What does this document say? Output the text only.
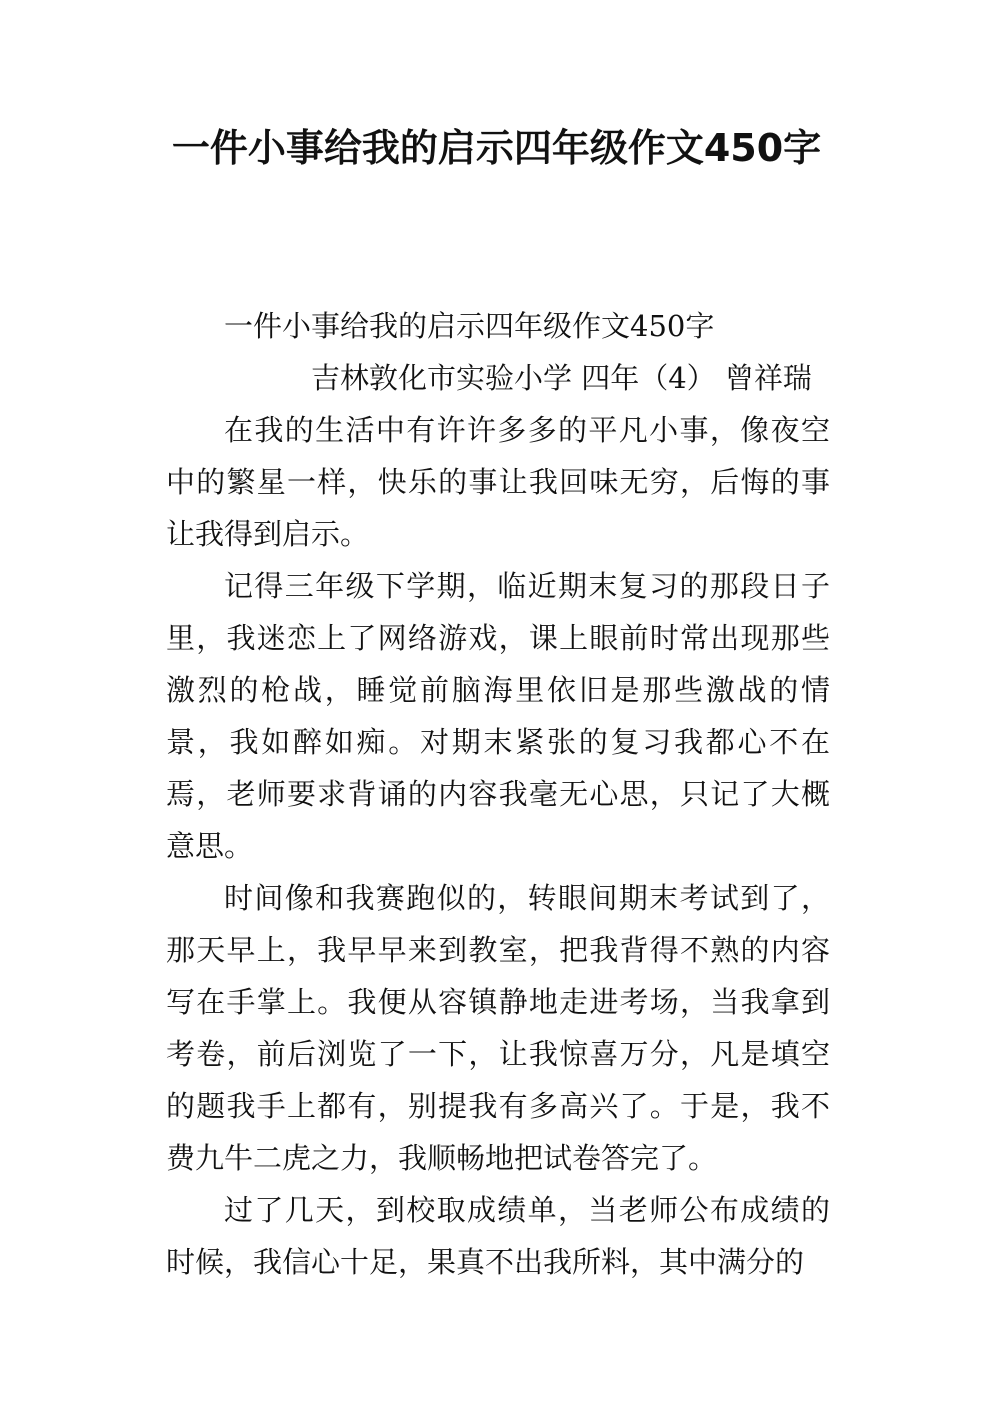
一件小事给我的启示四年级作文450字

一件小事给我的启示四年级作文450字

吉林敦化市实验小学 四年（4） 曾祥瑞

在我的生活中有许许多多的平凡小事，像夜空中的繁星一样，快乐的事让我回味无穷，后悔的事让我得到启示。

记得三年级下学期，临近期末复习的那段日子里，我迷恋上了网络游戏，课上眼前时常出现那些激烈的枪战，睡觉前脑海里依旧是那些激战的情景，我如醉如痴。对期末紧张的复习我都心不在焉，老师要求背诵的内容我毫无心思，只记了大概意思。

时间像和我赛跑似的，转眼间期末考试到了，那天早上，我早早来到教室，把我背得不熟的内容写在手掌上。我便从容镇静地走进考场，当我拿到考卷，前后浏览了一下，让我惊喜万分，凡是填空的题我手上都有，别提我有多高兴了。于是，我不费九牛二虎之力，我顺畅地把试卷答完了。

过了几天，到校取成绩单，当老师公布成绩的时候，我信心十足，果真不出我所料，其中满分的
